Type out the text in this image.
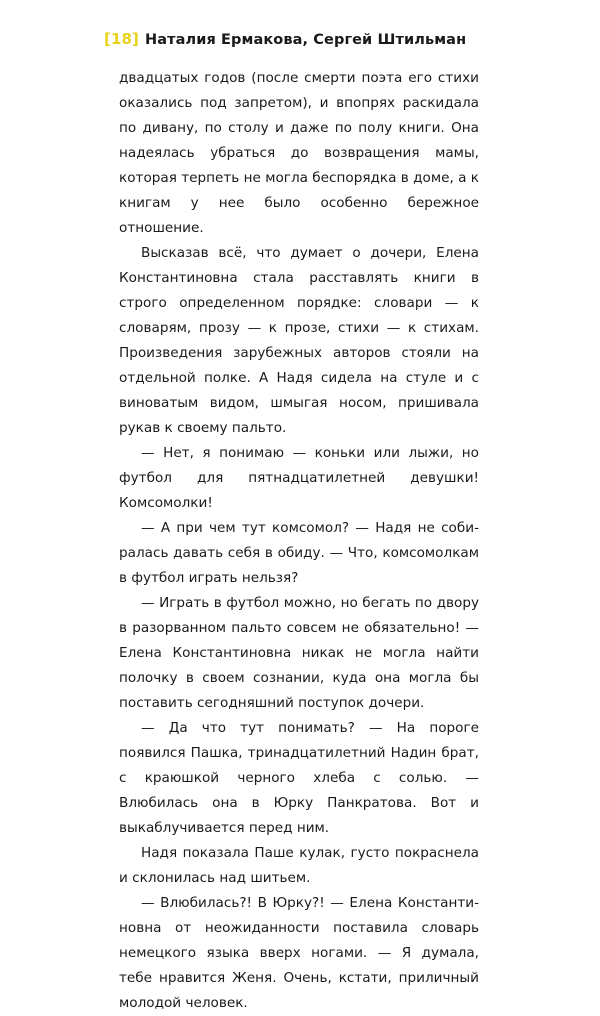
[18] Наталия Ермакова, Сергей Штильман

двадцатых годов (после смерти поэта его стихи оказались под запретом), и впопрях раскидала по дивану, по столу и даже по полу книги. Она надеялась убраться до возвращения мамы, которая терпеть не могла беспорядка в доме, а к книгам у нее было особенно бережное отношение.

Высказав всё, что думает о дочери, Елена Константиновна стала расставлять книги в строго определенном порядке: словари — к словарям, прозу — к прозе, стихи — к стихам. Произведения зарубежных авторов стояли на отдельной полке. А Надя сидела на стуле и с виноватым видом, шмыгая носом, пришивала рукав к своему пальто.

— Нет, я понимаю — коньки или лыжи, но футбол для пятнадцатилетней девушки! Комсомолки!

— А при чем тут комсомол? — Надя не собиралась давать себя в обиду. — Что, комсомолкам в футбол играть нельзя?

— Играть в футбол можно, но бегать по двору в разорванном пальто совсем не обязательно! — Елена Константиновна никак не могла найти полочку в своем сознании, куда она могла бы поставить сегодняшний поступок дочери.

— Да что тут понимать? — На пороге появился Пашка, тринадцатилетний Надин брат, с краюшкой черного хлеба с солью. — Влюбилась она в Юрку Панкратова. Вот и выкаблучивается перед ним.

Надя показала Паше кулак, густо покраснела и склонилась над шитьем.

— Влюбилась?! В Юрку?! — Елена Константиновна от неожиданности поставила словарь немецкого языка вверх ногами. — Я думала, тебе нравится Женя. Очень, кстати, приличный молодой человек.
